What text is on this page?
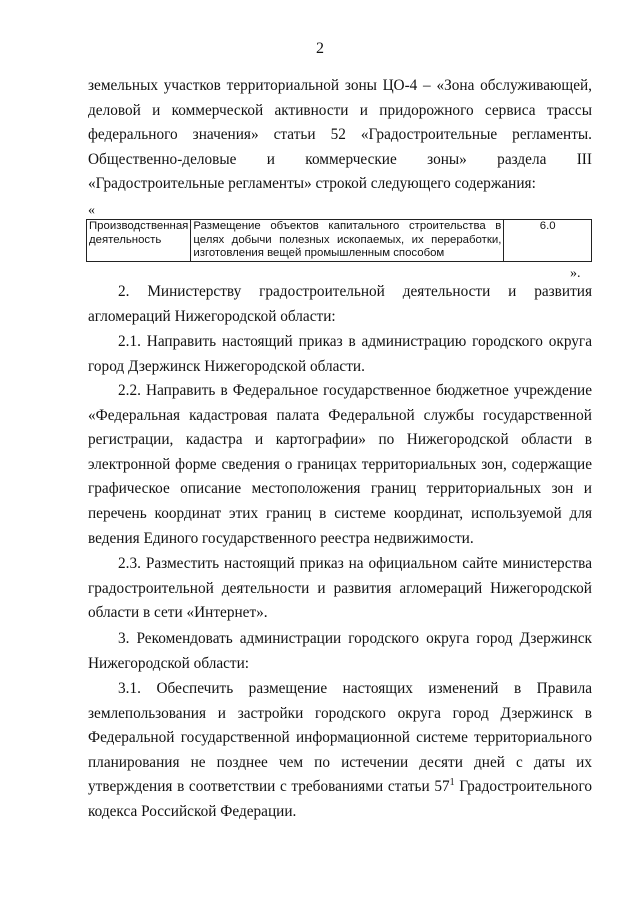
2

земельных участков территориальной зоны ЦО-4 – «Зона обслуживающей, деловой и коммерческой активности и придорожного сервиса трассы федерального значения» статьи 52 «Градостроительные регламенты. Общественно-деловые и коммерческие зоны» раздела III «Градостроительные регламенты» строкой следующего содержания:

«
Производственная деятельность	Размещение объектов капитального строительства в целях добычи полезных ископаемых, их переработки, изготовления вещей промышленным способом	6.0
».

2. Министерству градостроительной деятельности и развития агломераций Нижегородской области:

2.1. Направить настоящий приказ в администрацию городского округа город Дзержинск Нижегородской области.

2.2. Направить в Федеральное государственное бюджетное учреждение «Федеральная кадастровая палата Федеральной службы государственной регистрации, кадастра и картографии» по Нижегородской области в электронной форме сведения о границах территориальных зон, содержащие графическое описание местоположения границ территориальных зон и перечень координат этих границ в системе координат, используемой для ведения Единого государственного реестра недвижимости.

2.3. Разместить настоящий приказ на официальном сайте министерства градостроительной деятельности и развития агломераций Нижегородской области в сети «Интернет».

3. Рекомендовать администрации городского округа город Дзержинск Нижегородской области:

3.1. Обеспечить размещение настоящих изменений в Правила землепользования и застройки городского округа город Дзержинск в Федеральной государственной информационной системе территориального планирования не позднее чем по истечении десяти дней с даты их утверждения в соответствии с требованиями статьи $57^1$ Градостроительного кодекса Российской Федерации.
